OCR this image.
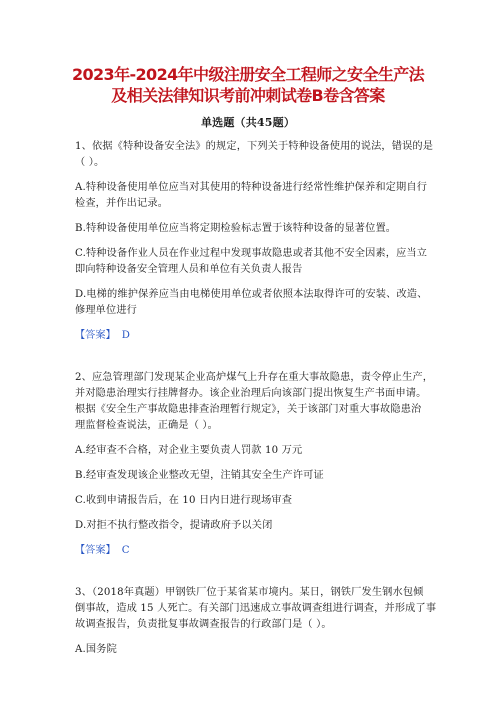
2023年-2024年中级注册安全工程师之安全生产法
及相关法律知识考前冲刺试卷B卷含答案
单选题（共45题）
1、依据《特种设备安全法》的规定，下列关于特种设备使用的说法，错误的是
（ ）。
A.特种设备使用单位应当对其使用的特种设备进行经常性维护保养和定期自行
检查，并作出记录。
B.特种设备使用单位应当将定期检验标志置于该特种设备的显著位置。
C.特种设备作业人员在作业过程中发现事故隐患或者其他不安全因素，应当立
即向特种设备安全管理人员和单位有关负责人报告
D.电梯的维护保养应当由电梯使用单位或者依照本法取得许可的安装、改造、
修理单位进行
【答案】 D
2、应急管理部门发现某企业高炉煤气上升存在重大事故隐患，责令停止生产，
并对隐患治理实行挂牌督办。该企业治理后向该部门提出恢复生产书面申请。
根据《安全生产事故隐患排查治理暂行规定》，关于该部门对重大事故隐患治
理监督检查说法，正确是（ ）。
A.经审查不合格，对企业主要负责人罚款 10 万元
B.经审查发现该企业整改无望，注销其安全生产许可证
C.收到申请报告后，在 10 日内日进行现场审查
D.对拒不执行整改指令，提请政府予以关闭
【答案】 C
3、（2018年真题）甲钢铁厂位于某省某市境内。某日，钢铁厂发生钢水包倾
倒事故，造成 15 人死亡。有关部门迅速成立事故调查组进行调查，并形成了事
故调查报告，负责批复事故调查报告的行政部门是（ ）。
A.国务院
